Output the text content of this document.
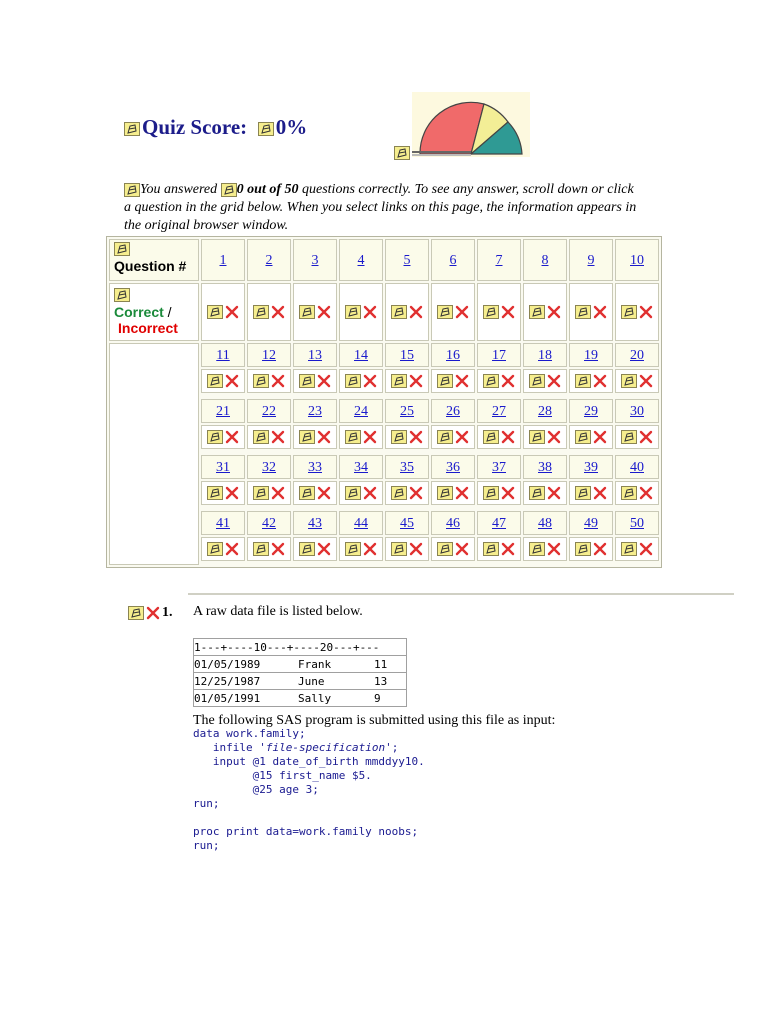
Quiz Score: 0%
You answered 0 out of 50 questions correctly. To see any answer, scroll down or click a question in the grid below. When you select links on this page, the information appears in the original browser window.
Question #
Correct /
Incorrect
1	2	3	4	5	6	7	8	9	10
11	12	13	14	15	16	17	18	19	20
21	22	23	24	25	26	27	28	29	30
31	32	33	34	35	36	37	38	39	40
41	42	43	44	45	46	47	48	49	50
1. A raw data file is listed below.
1---+----10---+----20---+---		
01/05/1989	Frank	11
12/25/1987	June	13
01/05/1991	Sally	9
The following SAS program is submitted using this file as input:
data work.family;
infile 'file-specification';
input @1 date_of_birth mmddyy10.
@15 first_name $5.
@25 age 3;
run;

proc print data=work.family noobs;
run;
